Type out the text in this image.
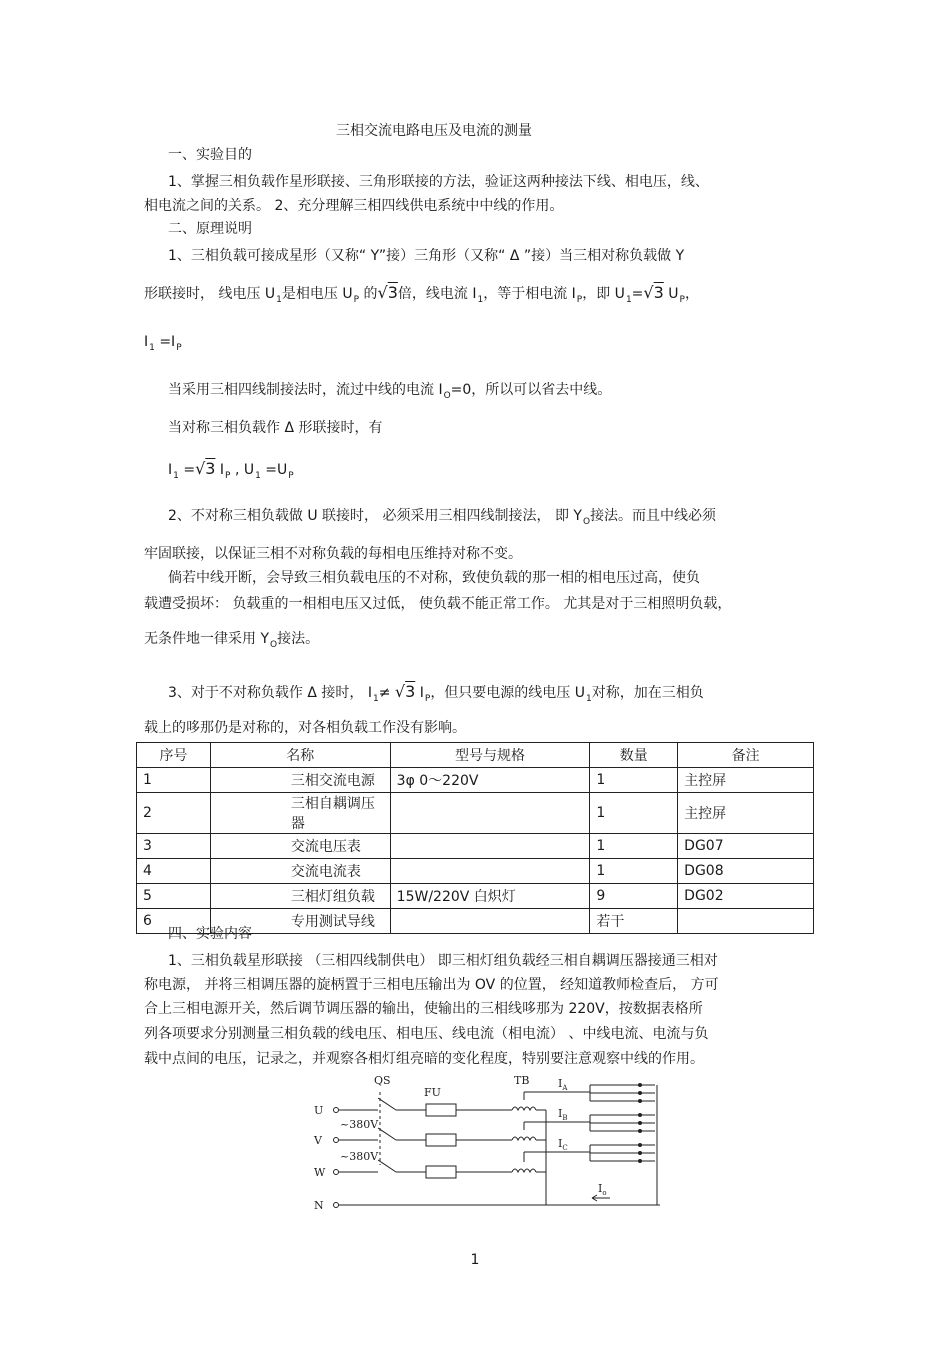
三相交流电路电压及电流的测量
一、实验目的
1、掌握三相负载作星形联接、三角形联接的方法，验证这两种接法下线、相电压，线、
相电流之间的关系。 2、充分理解三相四线供电系统中中线的作用。
二、原理说明
1、三相负载可接成星形（又称“ Y”接）三角形（又称“ Δ ”接）当三相对称负载做 Y
形联接时， 线电压 $U_1$是相电压 $U_P$ 的√3倍，线电流 $I_1$，等于相电流 $I_P$，即 $U_1=√3$ $U_P$，
$I_1 =I_P$
当采用三相四线制接法时，流过中线的电流 $I_O=0$，所以可以省去中线。
当对称三相负载作 Δ 形联接时，有
$I_1 =√3$ $I_P$ , $U_1 =U_P$
2、不对称三相负载做 U 联接时， 必须采用三相四线制接法， 即 $Y_O$接法。而且中线必须
牢固联接，以保证三相不对称负载的每相电压维持对称不变。
倘若中线开断，会导致三相负载电压的不对称，致使负载的那一相的相电压过高，使负
载遭受损坏： 负载重的一相相电压又过低， 使负载不能正常工作。 尤其是对于三相照明负载，
无条件地一律采用 $Y_O$接法。
3、对于不对称负载作 Δ 接时， $I_1\ne √3$ $I_P$，但只要电源的线电压 $U_1$对称，加在三相负
载上的哆那仍是对称的，对各相负载工作没有影响。
序号	名称	型号与规格	数量	备注
1	三相交流电源	3φ 0～220V	1	主控屏
2	三相自耦调压器		1	主控屏
3	交流电压表		1	DG07
4	交流电流表		1	DG08
5	三相灯组负载	15W/220V 白炽灯	9	DG02
6	专用测试导线		若干	
四、实验内容
1、三相负载星形联接 （三相四线制供电） 即三相灯组负载经三相自耦调压器接通三相对
称电源， 并将三相调压器的旋柄置于三相电压输出为 OV 的位置， 经知道教师检查后， 方可
合上三相电源开关，然后调节调压器的输出，使输出的三相线哆那为 220V，按数据表格所
列各项要求分别测量三相负载的线电压、相电压、线电流（相电流） 、中线电流、电流与负
载中点间的电压，记录之，并观察各相灯组亮暗的变化程度，特别要注意观察中线的作用。
U
V
W
N
QS
FU
TB
~380V
~380V
$I_A$
$I_B$
$I_C$
$I_o$
1
